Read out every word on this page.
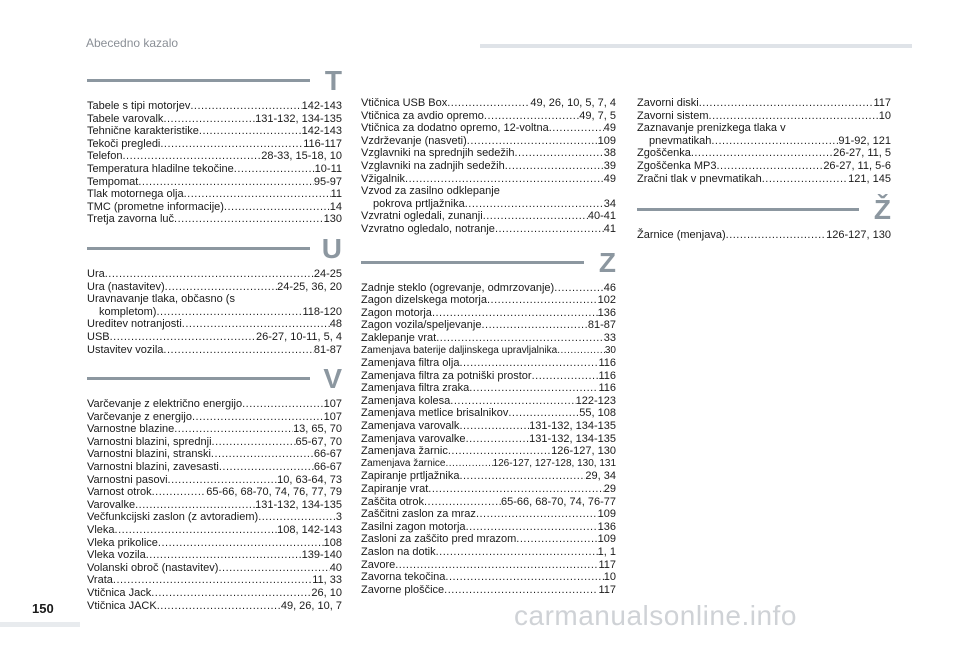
Abecedno kazalo
T
Tabele s tipi motorjev .....	142-143
Tabele varovalk .....	131-132, 134-135
Tehnične karakteristike .....	142-143
Tekoči pregledi .....	116-117
Telefon .....	28-33, 15-18, 10
Temperatura hladilne tekočine .....	10-11
Tempomat .....	95-97
Tlak motornega olja .....	11
TMC (prometne informacije) .....	14
Tretja zavorna luč .....	130
U
Ura .....	24-25
Ura (nastavitev) .....	24-25, 36, 20
Uravnavanje tlaka, občasno (s
kompletom) .....	118-120
Ureditev notranjosti .....	48
USB .....	26-27, 10-11, 5, 4
Ustavitev vozila .....	81-87
V
Varčevanje z električno energijo .....	107
Varčevanje z energijo .....	107
Varnostne blazine .....	13, 65, 70
Varnostni blazini, sprednji .....	65-67, 70
Varnostni blazini, stranski .....	66-67
Varnostni blazini, zavesasti .....	66-67
Varnostni pasovi .....	10, 63-64, 73
Varnost otrok .....	65-66, 68-70, 74, 76, 77, 79
Varovalke .....	131-132, 134-135
Večfunkcijski zaslon (z avtoradiem) .....	3
Vleka .....	108, 142-143
Vleka prikolice .....	108
Vleka vozila .....	139-140
Volanski obroč (nastavitev) .....	40
Vrata .....	11, 33
Vtičnica Jack .....	26, 10
Vtičnica JACK .....	49, 26, 10, 7
Vtičnica USB Box .....	49, 26, 10, 5, 7, 4
Vtičnica za avdio opremo .....	49, 7, 5
Vtičnica za dodatno opremo, 12-voltna .....	49
Vzdrževanje (nasveti) .....	109
Vzglavniki na sprednjih sedežih .....	38
Vzglavniki na zadnjih sedežih .....	39
Vžigalnik .....	49
Vzvod za zasilno odklepanje
pokrova prtljažnika .....	34
Vzvratni ogledali, zunanji .....	40-41
Vzvratno ogledalo, notranje .....	41
Z
Zadnje steklo (ogrevanje, odmrzovanje) .....	46
Zagon dizelskega motorja .....	102
Zagon motorja .....	136
Zagon vozila/speljevanje .....	81-87
Zaklepanje vrat .....	33
Zamenjava baterije daljinskega upravljalnika .....	30
Zamenjava filtra olja .....	116
Zamenjava filtra za potniški prostor .....	116
Zamenjava filtra zraka .....	116
Zamenjava kolesa .....	122-123
Zamenjava metlice brisalnikov .....	55, 108
Zamenjava varovalk .....	131-132, 134-135
Zamenjava varovalke .....	131-132, 134-135
Zamenjava žarnic .....	126-127, 130
Zamenjava žarnice .....	126-127, 127-128, 130, 131
Zapiranje prtljažnika .....	29, 34
Zapiranje vrat .....	29
Zaščita otrok .....	65-66, 68-70, 74, 76-77
Zaščitni zaslon za mraz .....	109
Zasilni zagon motorja .....	136
Zasloni za zaščito pred mrazom .....	109
Zaslon na dotik .....	1, 1
Zavore .....	117
Zavorna tekočina .....	10
Zavorne ploščice .....	117
Zavorni diski .....	117
Zavorni sistem .....	10
Zaznavanje prenizkega tlaka v
pnevmatikah .....	91-92, 121
Zgoščenka .....	26-27, 11, 5
Zgoščenka MP3 .....	26-27, 11, 5-6
Zračni tlak v pnevmatikah .....	121, 145
Ž
Žarnice (menjava) .....	126-127, 130
150	carmanualsonline.info
